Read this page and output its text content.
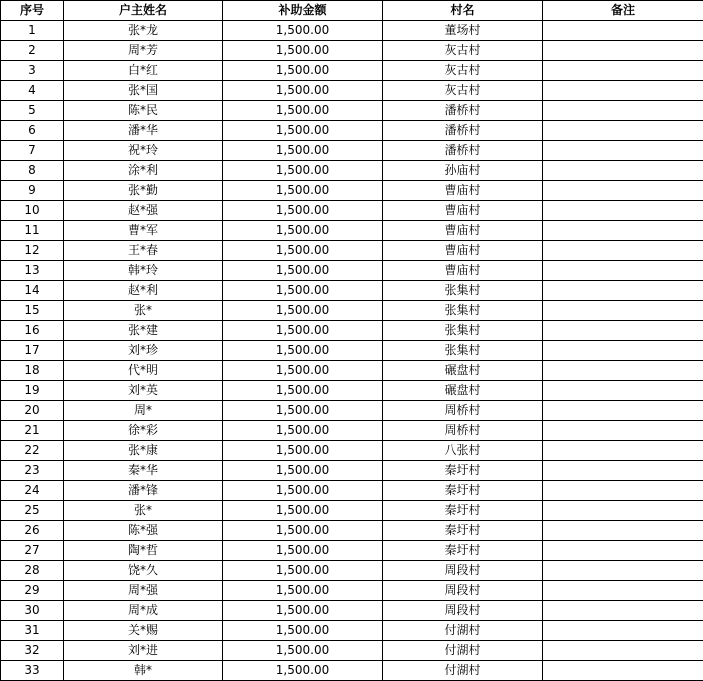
序号	户主姓名	补助金额	村名	备注
1	张*龙	1,500.00	董场村	
2	周*芳	1,500.00	灰古村	
3	白*红	1,500.00	灰古村	
4	张*国	1,500.00	灰古村	
5	陈*民	1,500.00	潘桥村	
6	潘*华	1,500.00	潘桥村	
7	祝*玲	1,500.00	潘桥村	
8	涂*利	1,500.00	孙庙村	
9	张*勤	1,500.00	曹庙村	
10	赵*强	1,500.00	曹庙村	
11	曹*军	1,500.00	曹庙村	
12	王*春	1,500.00	曹庙村	
13	韩*玲	1,500.00	曹庙村	
14	赵*利	1,500.00	张集村	
15	张*	1,500.00	张集村	
16	张*建	1,500.00	张集村	
17	刘*珍	1,500.00	张集村	
18	代*明	1,500.00	碾盘村	
19	刘*英	1,500.00	碾盘村	
20	周*	1,500.00	周桥村	
21	徐*彩	1,500.00	周桥村	
22	张*康	1,500.00	八张村	
23	秦*华	1,500.00	秦圩村	
24	潘*锋	1,500.00	秦圩村	
25	张*	1,500.00	秦圩村	
26	陈*强	1,500.00	秦圩村	
27	陶*哲	1,500.00	秦圩村	
28	饶*久	1,500.00	周段村	
29	周*强	1,500.00	周段村	
30	周*成	1,500.00	周段村	
31	关*赐	1,500.00	付湖村	
32	刘*进	1,500.00	付湖村	
33	韩*	1,500.00	付湖村	
